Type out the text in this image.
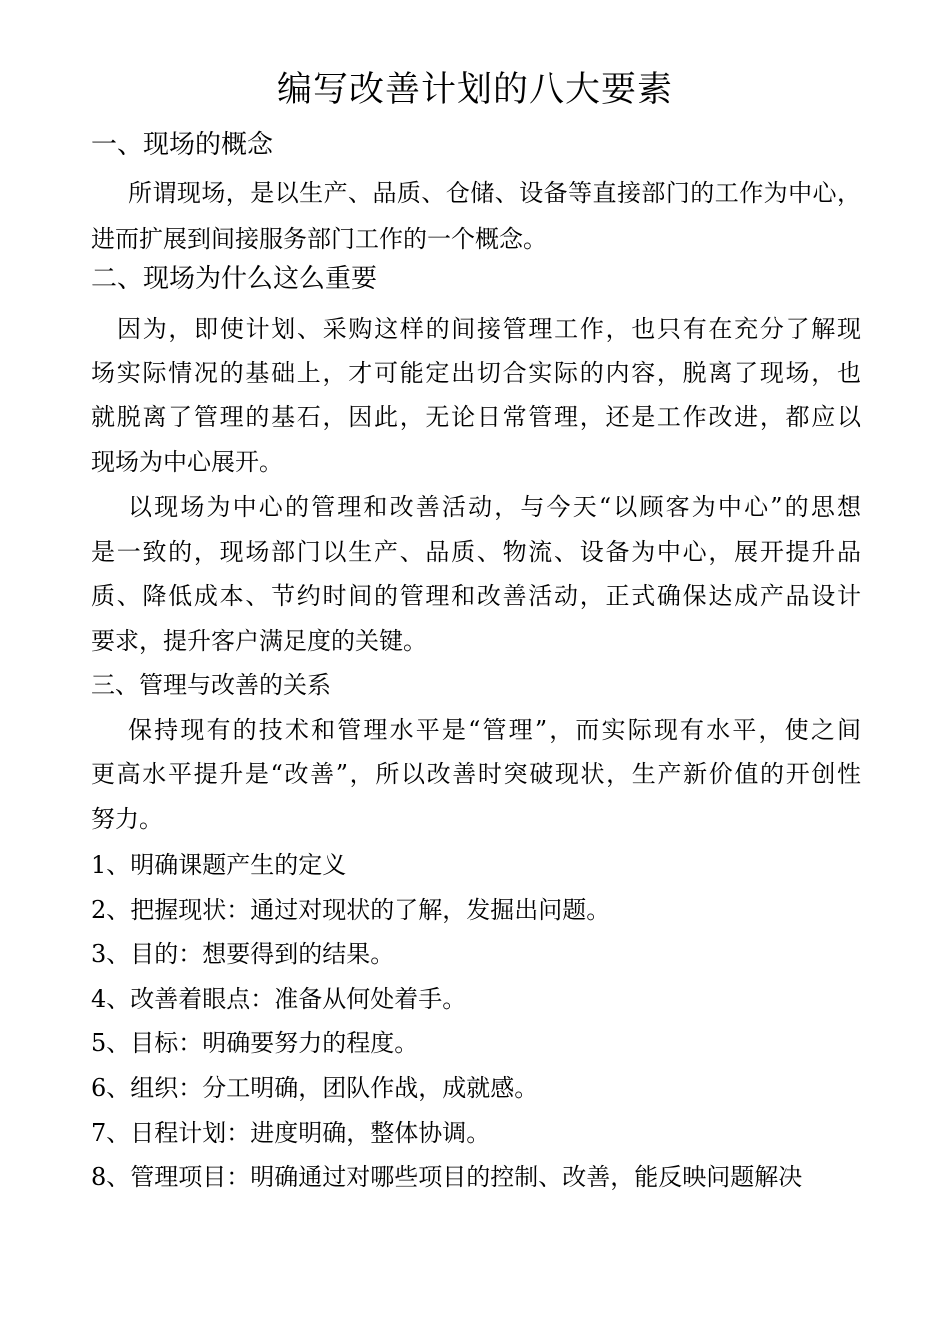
编写改善计划的八大要素
一、现场的概念
所谓现场，是以生产、品质、仓储、设备等直接部门的工作为中心，
进而扩展到间接服务部门工作的一个概念。
二、现场为什么这么重要
因为，即使计划、采购这样的间接管理工作，也只有在充分了解现
场实际情况的基础上，才可能定出切合实际的内容，脱离了现场，也
就脱离了管理的基石，因此，无论日常管理，还是工作改进，都应以
现场为中心展开。
以现场为中心的管理和改善活动，与今天“以顾客为中心”的思想
是一致的，现场部门以生产、品质、物流、设备为中心，展开提升品
质、降低成本、节约时间的管理和改善活动，正式确保达成产品设计
要求，提升客户满足度的关键。
三、管理与改善的关系
保持现有的技术和管理水平是“管理”，而实际现有水平，使之间
更高水平提升是“改善”，所以改善时突破现状，生产新价值的开创性
努力。
1、明确课题产生的定义
2、把握现状：通过对现状的了解，发掘出问题。
3、目的：想要得到的结果。
4、改善着眼点：准备从何处着手。
5、目标：明确要努力的程度。
6、组织：分工明确，团队作战，成就感。
7、日程计划：进度明确，整体协调。
8、管理项目：明确通过对哪些项目的控制、改善，能反映问题解决
